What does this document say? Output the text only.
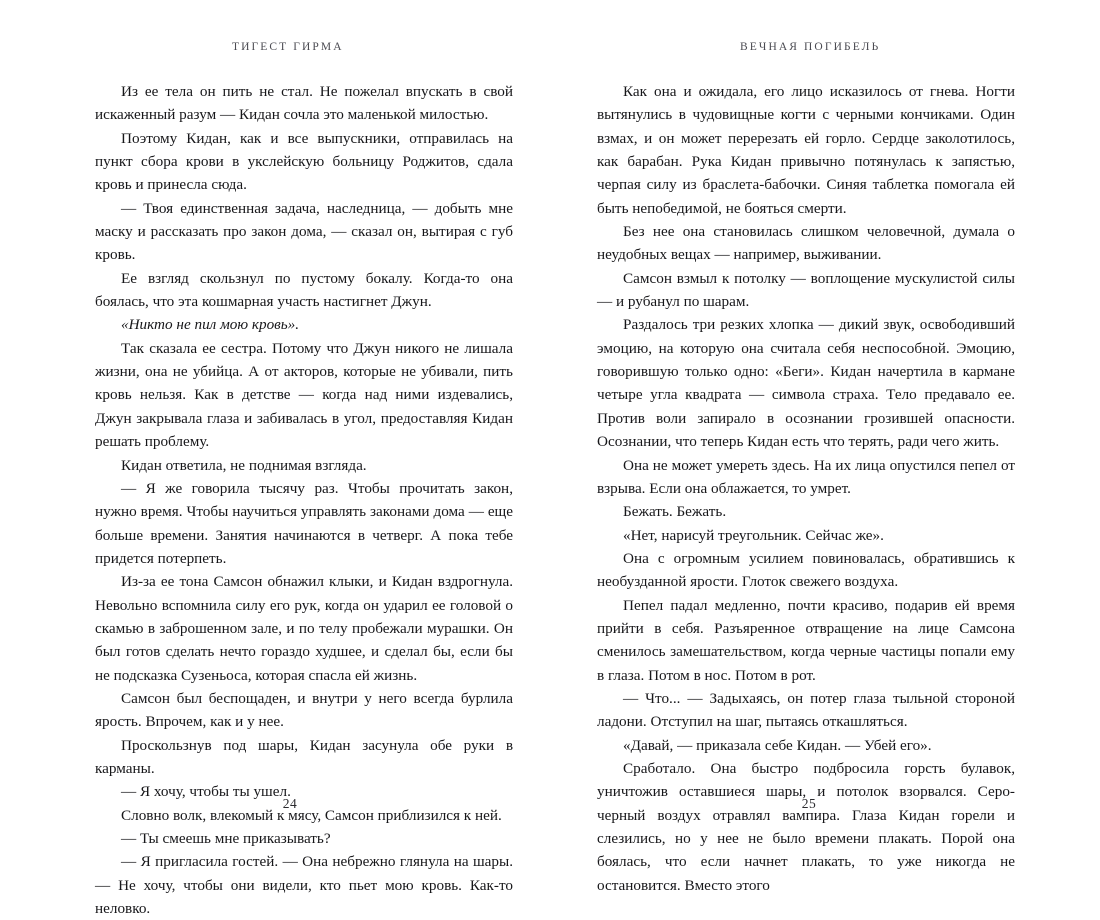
ТИГЕСТ ГИРМА

Из ее тела он пить не стал. Не пожелал впускать в свой искаженный разум — Кидан сочла это маленькой милостью.

Поэтому Кидан, как и все выпускники, отправилась на пункт сбора крови в укслейскую больницу Роджитов, сдала кровь и принесла сюда.

— Твоя единственная задача, наследница, — добыть мне маску и рассказать про закон дома, — сказал он, вытирая с губ кровь.

Ее взгляд скользнул по пустому бокалу. Когда-то она боялась, что эта кошмарная участь настигнет Джун.

«Никто не пил мою кровь».

Так сказала ее сестра. Потому что Джун никого не лишала жизни, она не убийца. А от акторов, которые не убивали, пить кровь нельзя. Как в детстве — когда над ними издевались, Джун закрывала глаза и забивалась в угол, предоставляя Кидан решать проблему.

Кидан ответила, не поднимая взгляда.

— Я же говорила тысячу раз. Чтобы прочитать закон, нужно время. Чтобы научиться управлять законами дома — еще больше времени. Занятия начинаются в четверг. А пока тебе придется потерпеть.

Из-за ее тона Самсон обнажил клыки, и Кидан вздрогнула. Невольно вспомнила силу его рук, когда он ударил ее головой о скамью в заброшенном зале, и по телу пробежали мурашки. Он был готов сделать нечто гораздо худшее, и сделал бы, если бы не подсказка Сузеньоса, которая спасла ей жизнь.

Самсон был беспощаден, и внутри у него всегда бурлила ярость. Впрочем, как и у нее.

Проскользнув под шары, Кидан засунула обе руки в карманы.

— Я хочу, чтобы ты ушел.

Словно волк, влекомый к мясу, Самсон приблизился к ней.

— Ты смеешь мне приказывать?

— Я пригласила гостей. — Она небрежно глянула на шары. — Не хочу, чтобы они видели, кто пьет мою кровь. Как-то неловко.

24
ВЕЧНАЯ ПОГИБЕЛЬ

Как она и ожидала, его лицо исказилось от гнева. Ногти вытянулись в чудовищные когти с черными кончиками. Один взмах, и он может перерезать ей горло. Сердце заколотилось, как барабан. Рука Кидан привычно потянулась к запястью, черпая силу из браслета-бабочки. Синяя таблетка помогала ей быть непобедимой, не бояться смерти.

Без нее она становилась слишком человечной, думала о неудобных вещах — например, выживании.

Самсон взмыл к потолку — воплощение мускулистой силы — и рубанул по шарам.

Раздалось три резких хлопка — дикий звук, освободивший эмоцию, на которую она считала себя неспособной. Эмоцию, говорившую только одно: «Беги». Кидан начертила в кармане четыре угла квадрата — символа страха. Тело предавало ее. Против воли запирало в осознании грозившей опасности. Осознании, что теперь Кидан есть что терять, ради чего жить.

Она не может умереть здесь. На их лица опустился пепел от взрыва. Если она облажается, то умрет.

Бежать. Бежать.

«Нет, нарисуй треугольник. Сейчас же».

Она с огромным усилием повиновалась, обратившись к необузданной ярости. Глоток свежего воздуха.

Пепел падал медленно, почти красиво, подарив ей время прийти в себя. Разъяренное отвращение на лице Самсона сменилось замешательством, когда черные частицы попали ему в глаза. Потом в нос. Потом в рот.

— Что... — Задыхаясь, он потер глаза тыльной стороной ладони. Отступил на шаг, пытаясь откашляться.

«Давай, — приказала себе Кидан. — Убей его».

Сработало. Она быстро подбросила горсть булавок, уничтожив оставшиеся шары, и потолок взорвался. Серо-черный воздух отравлял вампира. Глаза Кидан горели и слезились, но у нее не было времени плакать. Порой она боялась, что если начнет плакать, то уже никогда не остановится. Вместо этого

25
